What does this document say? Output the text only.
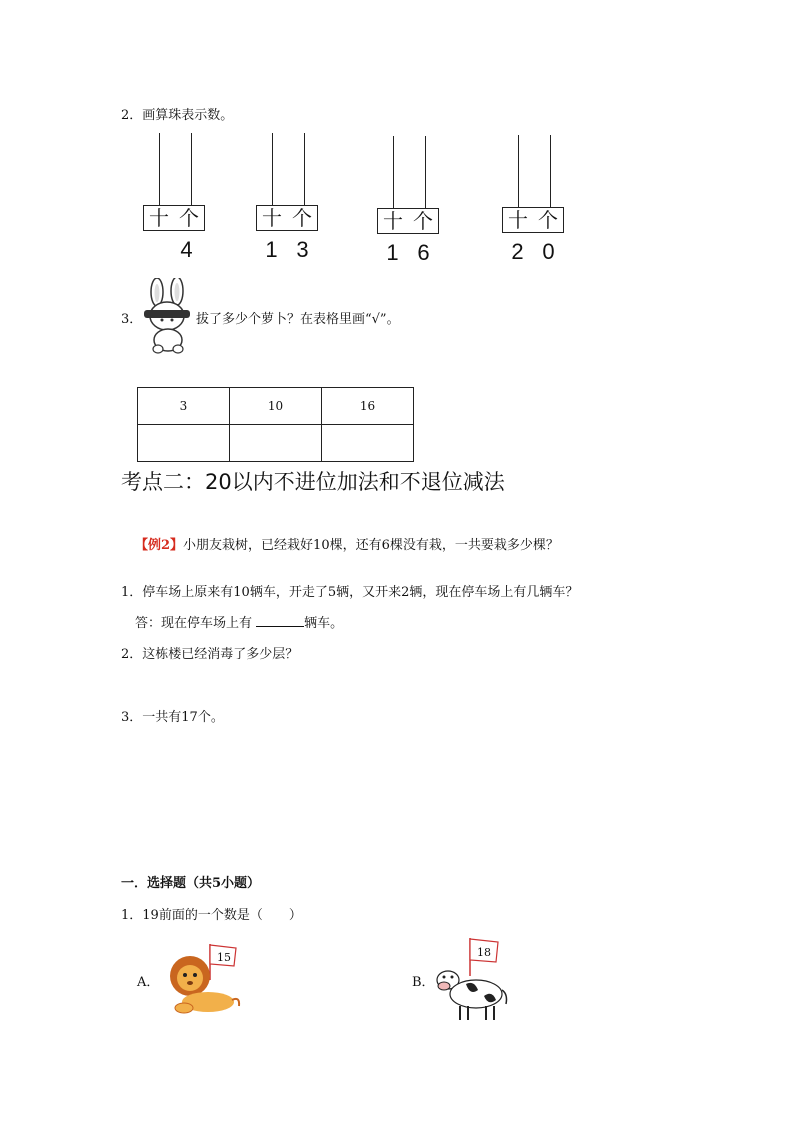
2．画算珠表示数。
十 个
4
十 个
1 3
十 个
1 6
十 个
2 0
3．	拔了多少个萝卜？在表格里画“√”。
3	10	16

考点二：20以内不进位加法和不退位减法
【例2】小朋友栽树，已经栽好10棵，还有6棵没有栽，一共要栽多少棵？
1．停车场上原来有10辆车，开走了5辆，又开来2辆，现在停车场上有几辆车？
答：现在停车场上有	辆车。
2．这栋楼已经消毒了多少层？
3．一共有17个。
一．选择题（共5小题）
1．19前面的一个数是（　　）
A．
15
B．
18
